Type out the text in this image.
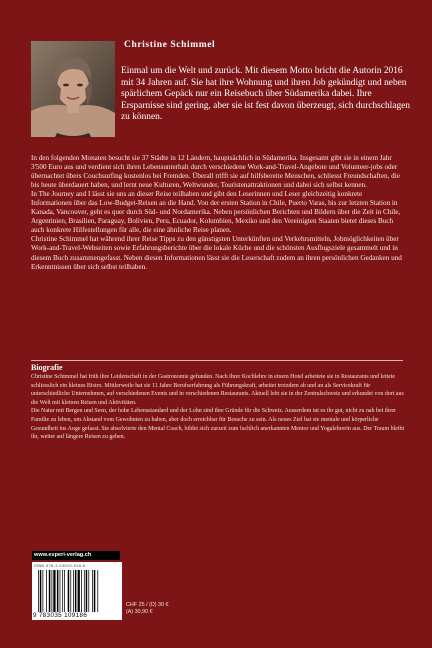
Christine Schimmel
Einmal um die Welt und zurück. Mit diesem Motto bricht die Autorin 2016 mit 34 Jahren auf. Sie hat ihre Wohnung und ihren Job gekündigt und neben spärlichem Gepäck nur ein Reisebuch über Südamerika dabei. Ihre Ersparnisse sind gering, aber sie ist fest davon überzeugt, sich durchschlagen zu können.

In den folgenden Monaten besucht sie 37 Städte in 12 Ländern, hauptsächlich in Südamerika. Insgesamt gibt sie in einem Jahr 3'500 Euro aus und verdient sich ihren Lebensunterhalt durch verschiedene Work-and-Travel-Angebote und Volunteer-jobs oder übernachtet übers Couchsurfing kostenlos bei Fremden. Überall trifft sie auf hilfsbereite Menschen, schliesst Freundschaften, die bis heute überdauert haben, und lernt neue Kulturen, Weltwunder, Touristenattraktionen und dabei sich selbst kennen.

In The Journey and I lässt sie uns an dieser Reise teilhaben und gibt den Leserinnen und Leser gleichzeitig konkrete Informationen über das Low-Budget-Reisen an die Hand. Von der ersten Station in Chile, Puerto Varas, bis zur letzten Station in Kanada, Vancouver, geht es quer durch Süd- und Nordamerika. Neben persönlichen Berichten und Bildern über die Zeit in Chile, Argentinien, Brasilien, Paraguay, Bolivien, Peru, Ecuador, Kolumbien, Mexiko und den Vereinigten Staaten bietet dieses Buch auch konkrete Hilfestellungen für alle, die eine ähnliche Reise planen.

Christine Schimmel hat während ihrer Reise Tipps zu den günstigsten Unterkünften und Verkehrsmitteln, Jobmöglichkeiten über Work-and-Travel-Webseiten sowie Erfahrungsberichte über die lokale Küche und die schönsten Ausflugsziele gesammelt und in diesem Buch zusammengefasst. Neben diesen Informationen lässt sie die Leserschaft zudem an ihren persönlichen Gedanken und Erkenntnissen über sich selbst teilhaben.

Biografie

Christine Schimmel hat früh ihre Leidenschaft in der Gastronomie gefunden. Nach ihrer Kochlehre in einem Hotel arbeitete sie in Restaurants und leitete schliesslich ein kleines Bistro. Mittlerweile hat sie 11 Jahre Berufserfahrung als Führungskraft, arbeitet trotzdem ab und an als Servicekraft für unterschiedliche Unternehmen, auf verschiedenen Events und in verschiedenen Restaurants. Aktuell lebt sie in der Zentralschweiz und erkundet von dort aus die Welt mit kleinen Reisen und Aktivitäten.

Die Natur mit Bergen und Seen, der hohe Lebensstandard und der Lohn sind ihre Gründe für die Schweiz. Ausserdem tut es ihr gut, nicht zu nah bei ihrer Familie zu leben, um Abstand vom Gewohnten zu haben, aber doch erreichbar für Besuche zu sein. Als neues Ziel hat sie mentale und körperliche Gesundheit ins Auge gefasst. Sie absolvierte den Mental Coach, bildet sich zurzeit zum fachlich anerkannten Mentor und Yogalehrerin aus. Der Traum bleibt ihr, weiter auf längere Reisen zu gehen.

www.esperi-verlag.ch
ISBN 978-3-03510-918-6
9 783035 109186
CHF 25 / (D) 30 €
(A) 30,90 €
